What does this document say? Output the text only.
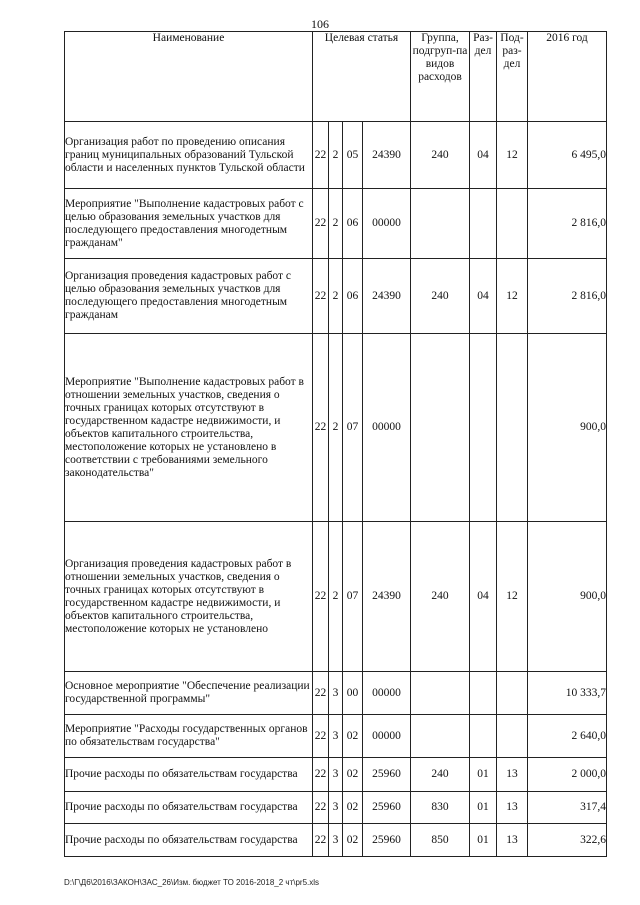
106
Наименование	Целевая статья				Группа, подгруп-па видов расходов	Раз-дел	Под-раз-дел	2016 год
Организация работ по проведению описания границ муниципальных образований Тульской области и населенных пунктов Тульской области	22	2	05	24390	240	04	12	6 495,0
Мероприятие "Выполнение кадастровых работ с целью образования земельных участков для последующего предоставления многодетным гражданам"	22	2	06	00000				2 816,0
Организация проведения кадастровых работ с целью образования земельных участков для последующего предоставления многодетным гражданам	22	2	06	24390	240	04	12	2 816,0
Мероприятие "Выполнение кадастровых работ в отношении земельных участков, сведения о точных границах которых отсутствуют в государственном кадастре недвижимости, и объектов капитального строительства, местоположение которых не установлено в соответствии с требованиями земельного законодательства"	22	2	07	00000				900,0
Организация проведения кадастровых работ в отношении земельных участков, сведения о точных границах которых отсутствуют в государственном кадастре недвижимости, и объектов капитального строительства, местоположение которых не установлено	22	2	07	24390	240	04	12	900,0
Основное мероприятие "Обеспечение реализации государственной программы"	22	3	00	00000				10 333,7
Мероприятие "Расходы государственных органов по обязательствам государства"	22	3	02	00000				2 640,0
Прочие расходы по обязательствам государства	22	3	02	25960	240	01	13	2 000,0
Прочие расходы по обязательствам государства	22	3	02	25960	830	01	13	317,4
Прочие расходы по обязательствам государства	22	3	02	25960	850	01	13	322,6
D:\Г\Д6\2016\ЗАКОН\ЗАС_26\Изм. бюджет ТО 2016-2018_2 чт\pr5.xls
